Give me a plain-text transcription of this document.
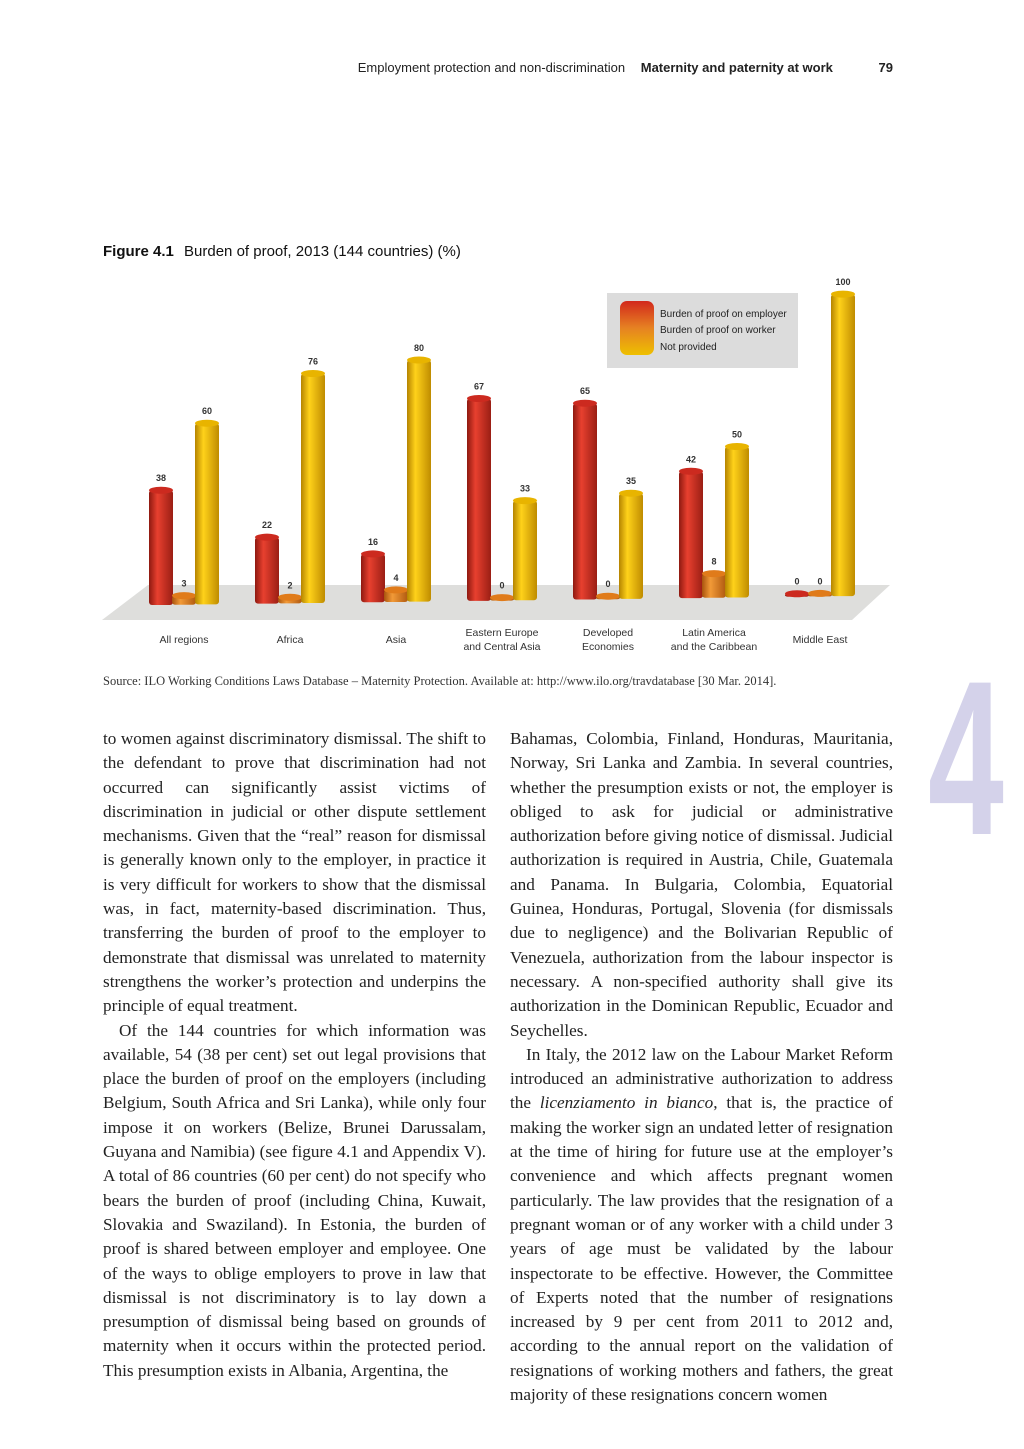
Employment protection and non-discrimination Maternity and paternity at work	79
Figure 4.1 Burden of proof, 2013 (144 countries) (%)
38
3
60
22
2
76
16
4
80
67
0
33
65
0
35
42
8
50
0 0
100
All regions	Africa	Asia
Eastern Europe and Central Asia
Developed Economies
Latin America and the Caribbean
Middle East
Burden of proof on employer
Burden of proof on worker
Not provided
Source: ILO Working Conditions Laws Database – Maternity Protection. Available at: http://www.ilo.org/travdatabase [30 Mar. 2014]. 4

to women against discriminatory dismissal. The shift to the defendant to prove that discrimination had not occurred can significantly assist victims of discrimination in judicial or other dispute settlement mechanisms. Given that the “real” reason for dismissal is generally known only to the employer, in practice it is very difficult for workers to show that the dismissal was, in fact, maternity-based discrimination. Thus, transferring the burden of proof to the employer to demonstrate that dismissal was unrelated to maternity strengthens the worker’s protection and underpins the principle of equal treatment.

Of the 144 countries for which information was available, 54 (38 per cent) set out legal provisions that place the burden of proof on the employers (including Belgium, South Africa and Sri Lanka), while only four impose it on workers (Belize, Brunei Darussalam, Guyana and Namibia) (see figure 4.1 and Appendix V). A total of 86 countries (60 per cent) do not specify who bears the burden of proof (including China, Kuwait, Slovakia and Swaziland). In Estonia, the burden of proof is shared between employer and employee. One of the ways to oblige employers to prove in law that dismissal is not discriminatory is to lay down a presumption of dismissal being based on grounds of maternity when it occurs within the protected period. This presumption exists in Albania, Argentina, the

Bahamas, Colombia, Finland, Honduras, Mauritania, Norway, Sri Lanka and Zambia. In several countries, whether the presumption exists or not, the employer is obliged to ask for judicial or administrative authorization before giving notice of dismissal. Judicial authorization is required in Austria, Chile, Guatemala and Panama. In Bulgaria, Colombia, Equatorial Guinea, Honduras, Portugal, Slovenia (for dismissals due to negligence) and the Bolivarian Republic of Venezuela, authorization from the labour inspector is necessary. A non-specified authority shall give its authorization in the Dominican Republic, Ecuador and Seychelles.

In Italy, the 2012 law on the Labour Market Reform introduced an administrative authorization to address the licenziamento in bianco, that is, the practice of making the worker sign an undated letter of resignation at the time of hiring for future use at the employer’s convenience and which affects pregnant women particularly. The law provides that the resignation of a pregnant woman or of any worker with a child under 3 years of age must be validated by the labour inspectorate to be effective. However, the Committee of Experts noted that the number of resignations increased by 9 per cent from 2011 to 2012 and, according to the annual report on the validation of resignations of working mothers and fathers, the great majority of these resignations concern women
